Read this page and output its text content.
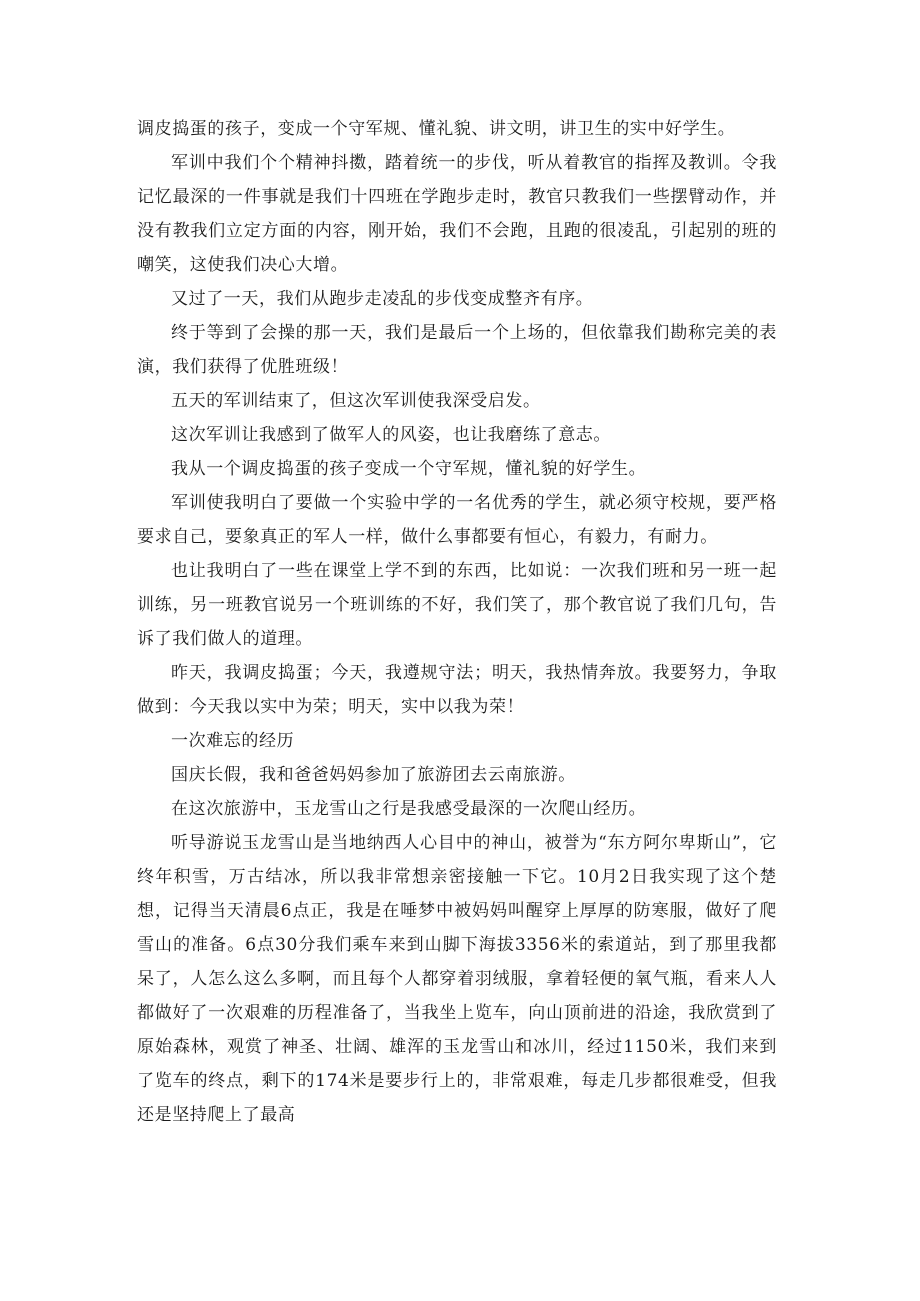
调皮捣蛋的孩子，变成一个守军规、懂礼貌、讲文明，讲卫生的实中好学生。

军训中我们个个精神抖擞，踏着统一的步伐，听从着教官的指挥及教训。令我记忆最深的一件事就是我们十四班在学跑步走时，教官只教我们一些摆臂动作，并没有教我们立定方面的内容，刚开始，我们不会跑，且跑的很凌乱，引起别的班的嘲笑，这使我们决心大增。

又过了一天，我们从跑步走凌乱的步伐变成整齐有序。

终于等到了会操的那一天，我们是最后一个上场的，但依靠我们勘称完美的表演，我们获得了优胜班级！

五天的军训结束了，但这次军训使我深受启发。

这次军训让我感到了做军人的风姿，也让我磨练了意志。

我从一个调皮捣蛋的孩子变成一个守军规，懂礼貌的好学生。

军训使我明白了要做一个实验中学的一名优秀的学生，就必须守校规，要严格要求自己，要象真正的军人一样，做什么事都要有恒心，有毅力，有耐力。

也让我明白了一些在课堂上学不到的东西，比如说：一次我们班和另一班一起训练，另一班教官说另一个班训练的不好，我们笑了，那个教官说了我们几句，告诉了我们做人的道理。

昨天，我调皮捣蛋；今天，我遵规守法；明天，我热情奔放。我要努力，争取做到：今天我以实中为荣；明天，实中以我为荣！

一次难忘的经历

国庆长假，我和爸爸妈妈参加了旅游团去云南旅游。

在这次旅游中，玉龙雪山之行是我感受最深的一次爬山经历。

听导游说玉龙雪山是当地纳西人心目中的神山，被誉为“东方阿尔卑斯山”，它终年积雪，万古结冰，所以我非常想亲密接触一下它。10月2日我实现了这个楚想，记得当天清晨6点正，我是在唾梦中被妈妈叫醒穿上厚厚的防寒服，做好了爬雪山的准备。6点30分我们乘车来到山脚下海拔3356米的索道站，到了那里我都呆了，人怎么这么多啊，而且每个人都穿着羽绒服，拿着轻便的氧气瓶，看来人人都做好了一次艰难的历程准备了，当我坐上览车，向山顶前进的沿途，我欣赏到了原始森林，观赏了神圣、壮阔、雄浑的玉龙雪山和冰川，经过1150米，我们来到了览车的终点，剩下的174米是要步行上的，非常艰难，每走几步都很难受，但我还是坚持爬上了最高
